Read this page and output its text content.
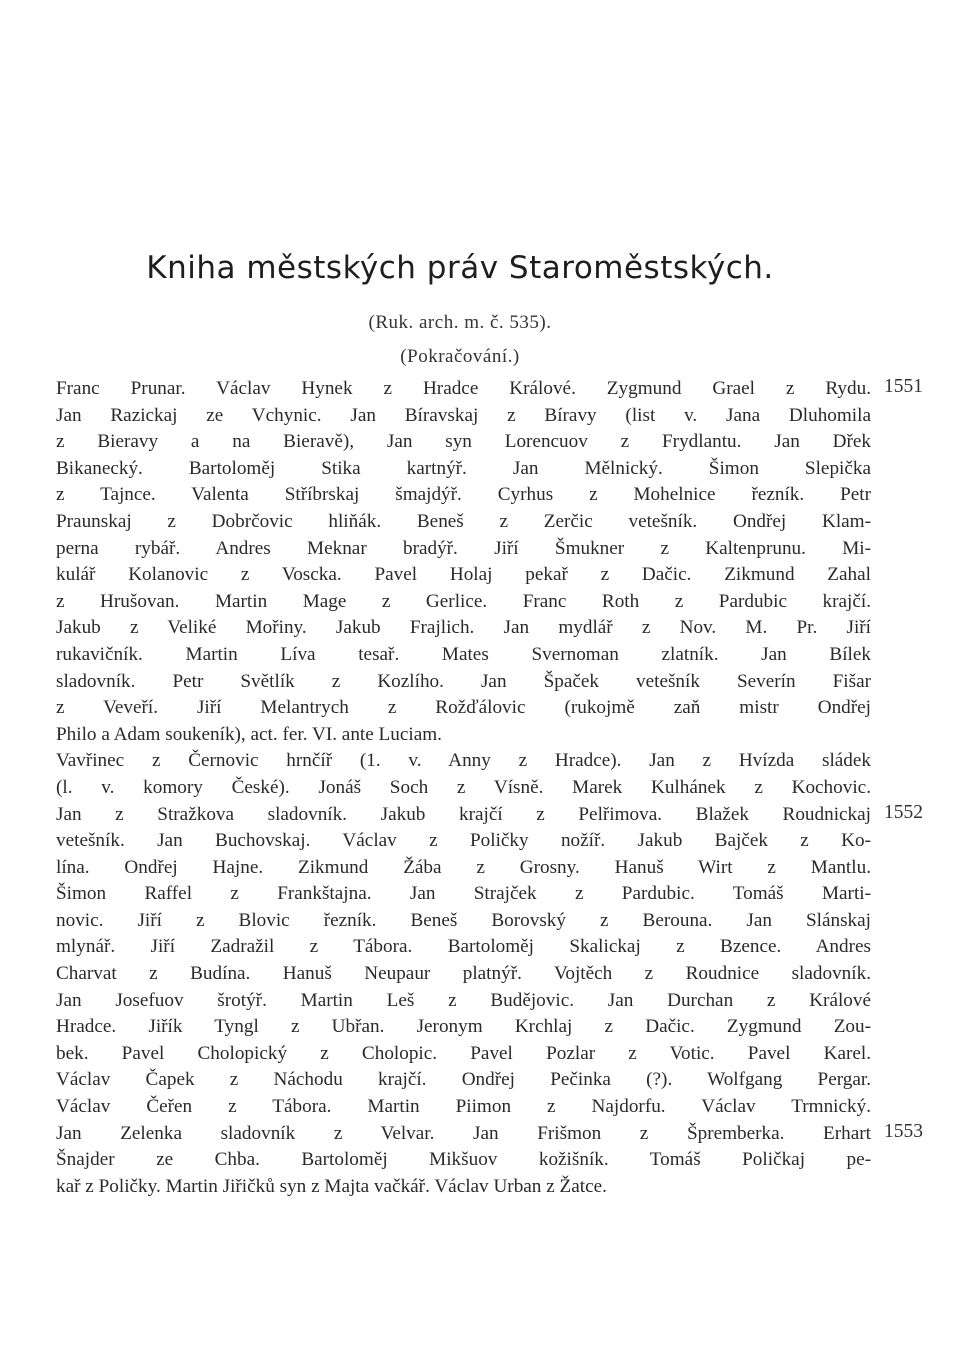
Kniha městských práv Staroměstských.
(Ruk. arch. m. č. 535).
(Pokračování.)
1551
1552
1553
Franc Prunar. Václav Hynek z Hradce Králové. Zygmund Grael z Rydu.
Jan Razickaj ze Vchynic. Jan Bíravskaj z Bíravy (list v. Jana Dluhomila
z Bieravy a na Bieravě), Jan syn Lorencuov z Frydlantu. Jan Dřek
Bikanecký. Bartoloměj Stika kartnýř. Jan Mělnický. Šimon Slepička
z Tajnce. Valenta Stříbrskaj šmajdýř. Cyrhus z Mohelnice řezník. Petr
Praunskaj z Dobrčovic hliňák. Beneš z Zerčic vetešník. Ondřej Klam-
perna rybář. Andres Meknar bradýř. Jiří Šmukner z Kaltenprunu. Mi-
kulář Kolanovic z Voscka. Pavel Holaj pekař z Dačic. Zikmund Zahal
z Hrušovan. Martin Mage z Gerlice. Franc Roth z Pardubic krajčí.
Jakub z Veliké Mořiny. Jakub Frajlich. Jan mydlář z Nov. M. Pr. Jiří
rukavičník. Martin Líva tesař. Mates Svernoman zlatník. Jan Bílek
sladovník. Petr Světlík z Kozlího. Jan Špaček vetešník Severín Fišar
z Veveří. Jiří Melantrych z Rožďálovic (rukojmě zaň mistr Ondřej
Philo a Adam soukeník), act. fer. VI. ante Luciam.
Vavřinec z Černovic hrnčíř (1. v. Anny z Hradce). Jan z Hvízda sládek
(l. v. komory České). Jonáš Soch z Vísně. Marek Kulhánek z Kochovic.
Jan z Stražkova sladovník. Jakub krajčí z Pelřimova. Blažek Roudnickaj
vetešník. Jan Buchovskaj. Václav z Poličky nožíř. Jakub Bajček z Ko-
lína. Ondřej Hajne. Zikmund Žába z Grosny. Hanuš Wirt z Mantlu.
Šimon Raffel z Frankštajna. Jan Strajček z Pardubic. Tomáš Marti-
novic. Jiří z Blovic řezník. Beneš Borovský z Berouna. Jan Slánskaj
mlynář. Jiří Zadražil z Tábora. Bartoloměj Skalickaj z Bzence. Andres
Charvat z Budína. Hanuš Neupaur platnýř. Vojtěch z Roudnice sladovník.
Jan Josefuov šrotýř. Martin Leš z Budějovic. Jan Durchan z Králové
Hradce. Jiřík Tyngl z Ubřan. Jeronym Krchlaj z Dačic. Zygmund Zou-
bek. Pavel Cholopický z Cholopic. Pavel Pozlar z Votic. Pavel Karel.
Václav Čapek z Náchodu krajčí. Ondřej Pečinka (?). Wolfgang Pergar.
Václav Čeřen z Tábora. Martin Piimon z Najdorfu. Václav Trmnický.
Jan Zelenka sladovník z Velvar. Jan Frišmon z Špremberka. Erhart
Šnajder ze Chba. Bartoloměj Mikšuov kožišník. Tomáš Poličkaj pe-
kař z Poličky. Martin Jiřičků syn z Majta vačkář. Václav Urban z Žatce.
